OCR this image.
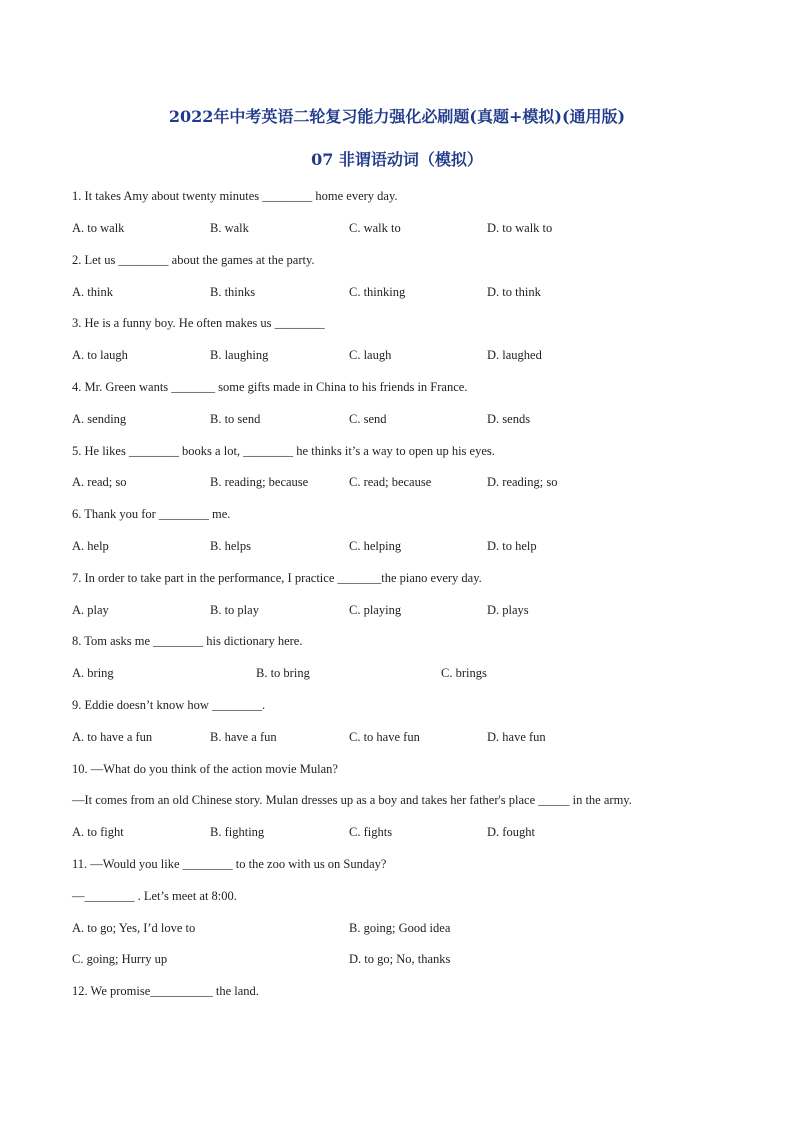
2022年中考英语二轮复习能力强化必刷题(真题+模拟)(通用版)
07 非谓语动词（模拟）
1. It takes Amy about twenty minutes ________ home every day.
A. to walk	B. walk	C. walk to	D. to walk to
2. Let us ________ about the games at the party.
A. think	B. thinks	C. thinking	D. to think
3. He is a funny boy. He often makes us ________
A. to laugh	B. laughing	C. laugh	D. laughed
4. Mr. Green wants _______ some gifts made in China to his friends in France.
A. sending	B. to send	C. send	D. sends
5. He likes ________ books a lot, ________ he thinks it’s a way to open up his eyes.
A. read; so	B. reading; because	C. read; because	D. reading; so
6. Thank you for ________ me.
A. help	B. helps	C. helping	D. to help
7. In order to take part in the performance, I practice _______the piano every day.
A. play	B. to play	C. playing	D. plays
8. Tom asks me ________ his dictionary here.
A. bring	B. to bring	C. brings
9. Eddie doesn’t know how ________.
A. to have a fun	B. have a fun	C. to have fun	D. have fun
10. —What do you think of the action movie Mulan?
—It comes from an old Chinese story. Mulan dresses up as a boy and takes her father's place _____ in the army.
A. to fight	B. fighting	C. fights	D. fought
11. —Would you like ________ to the zoo with us on Sunday?
—________ . Let’s meet at 8:00.
A. to go; Yes, I’d love to	B. going; Good idea
C. going; Hurry up	D. to go; No, thanks
12. We promise__________ the land.
